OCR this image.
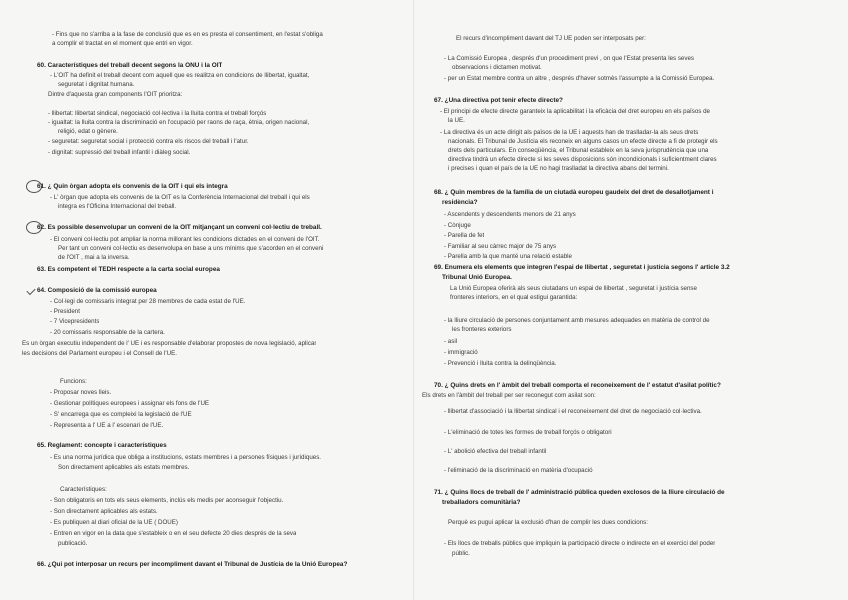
- Fins que no s'arriba a la fase de conclusió que es en es presta el consentiment, en l'estat s'obliga
a complir el tractat en el moment que entri en vigor.
60. Característiques del treball decent segons la ONU i la OIT
- L'OIT ha definit el treball decent com aquell que es realitza en condicions de llibertat, igualtat,
seguretat i dignitat humana.
Dintre d'aquesta gran components l'OIT prioritza:
- llibertat: llibertat sindical, negociació col·lectiva i la lluita contra el treball forçós
- igualtat: la lluita contra la discriminació en l'ocupació per raons de raça, ètnia, origen nacional,
religió, edat o gènere.
- seguretat: seguretat social i protecció contra els riscos del treball i l'atur.
- dignitat: supressió del treball infantil i diàleg social.
61. ¿ Quin òrgan adopta els convenis de la OIT i qui els integra
- L' òrgan que adopta els convenis de la OIT es la Conferència Internacional del treball i qui els
integra es l'Oficina Internacional del treball.
62. Es possible desenvolupar un conveni de la OIT mitjançant un conveni col·lectiu de treball.
- El conveni col·lectiu pot ampliar la norma millorant les condicions dictades en el conveni de l'OIT.
Per tant un conveni col·lectiu es desenvolupa en base a uns mínims que s'acorden en el conveni
de l'OIT , mai a la inversa.
63. Es competent el TEDH respecte a la carta social europea
64. Composició de la comissió europea
- Col·legi de comissaris integrat per 28 membres de cada estat de l'UE.
- President
- 7 Vicepresidents
- 20 comissaris responsable de la cartera.
Es un òrgan executiu independent de l' UE i es responsable d'elaborar propostes de nova legislació, aplicar
les decisions del Parlament europeu i el Consell de l'UE.
Funcions:
- Proposar noves lleis.
- Gestionar polítiques europees i assignar els fons de l'UE
- S' encarrega que es compleixi la legislació de l'UE
- Representa a l' UE a l' escenari de l'UE.
65. Reglament: concepte i característiques
- Es una norma jurídica que obliga a institucions, estats membres i a persones físiques i jurídiques.
Son directament aplicables als estats membres.
Característiques:
- Son obligatoris en tots els seus elements, inclús els medis per aconseguir l'objectiu.
- Son directament aplicables als estats.
- Es publiquen al diari oficial de la UE ( DOUE)
- Entren en vigor en la data que s'estableix o en el seu defecte 20 dies després de la seva
publicació.
66. ¿Qui pot interposar un recurs per incompliment davant el Tribunal de Justícia de la Unió Europea?
El recurs d'incompliment davant del TJ UE poden ser interposats per:
- La Comissió Europea , després d'un procediment previ , on que l'Estat presenta les seves
observacions i dictamen motivat.
- per un Estat membre contra un altre , després d'haver sotmès l'assumpte a la Comissió Europea.
67. ¿Una directiva pot tenir efecte directe?
- El principi de efecte directe garanteix la aplicabilitat i la eficàcia del dret europeu en els països de
la UE.
- La directiva és un acte dirigit als països de la UE i aquests han de traslladar-la als seus drets
nacionals. El Tribunal de Justícia els reconeix en alguns casos un efecte directe a fi de protegir els
drets dels particulars. En conseqüència, el Tribunal estableix en la seva jurisprudència que una
directiva tindrà un efecte directe si les seves disposicions són incondicionals i suficientment clares
i precises i quan el país de la UE no hagi traslladat la directiva abans del termini.
68. ¿ Quin membres de la família de un ciutadà europeu gaudeix del dret de desallotjament i
residència?
- Ascendents y descendents menors de 21 anys
- Cònjuge
- Parella de fet
- Familiar al seu càrrec major de 75 anys
- Parella amb la que manté una relació estable
69. Enumera els elements que integren l'espai de llibertat , seguretat i justícia segons l' article 3.2
Tribunal Unió Europea.
La Unió Europea oferirà als seus ciutadans un espai de llibertat , seguretat i justícia sense
fronteres interiors, en el qual estigui garantida:
- la lliure circulació de persones conjuntament amb mesures adequades en matèria de control de
les fronteres exteriors
- asil
- immigració
- Prevenció i lluita contra la delinqüència.
70. ¿ Quins drets en l' àmbit del treball comporta el reconeixement de l' estatut d'asilat polític?
Els drets en l'àmbit del treball per ser reconegut com asilat son:
- llibertat d'associació i la llibertat sindical i el reconeixement del dret de negociació col·lectiva.
- L'eliminació de totes les formes de treball forçós o obligatori
- L' abolició efectiva del treball infantil
- l'eliminació de la discriminació en matèria d'ocupació
71. ¿ Quins llocs de treball de l' administració pública queden exclosos de la lliure circulació de
treballadors comunitària?
Perquè es pugui aplicar la exclusió d'han de complir les dues condicions:
- Els llocs de treballs públics que impliquin la participació directe o indirecte en el exercici del poder
públic.
